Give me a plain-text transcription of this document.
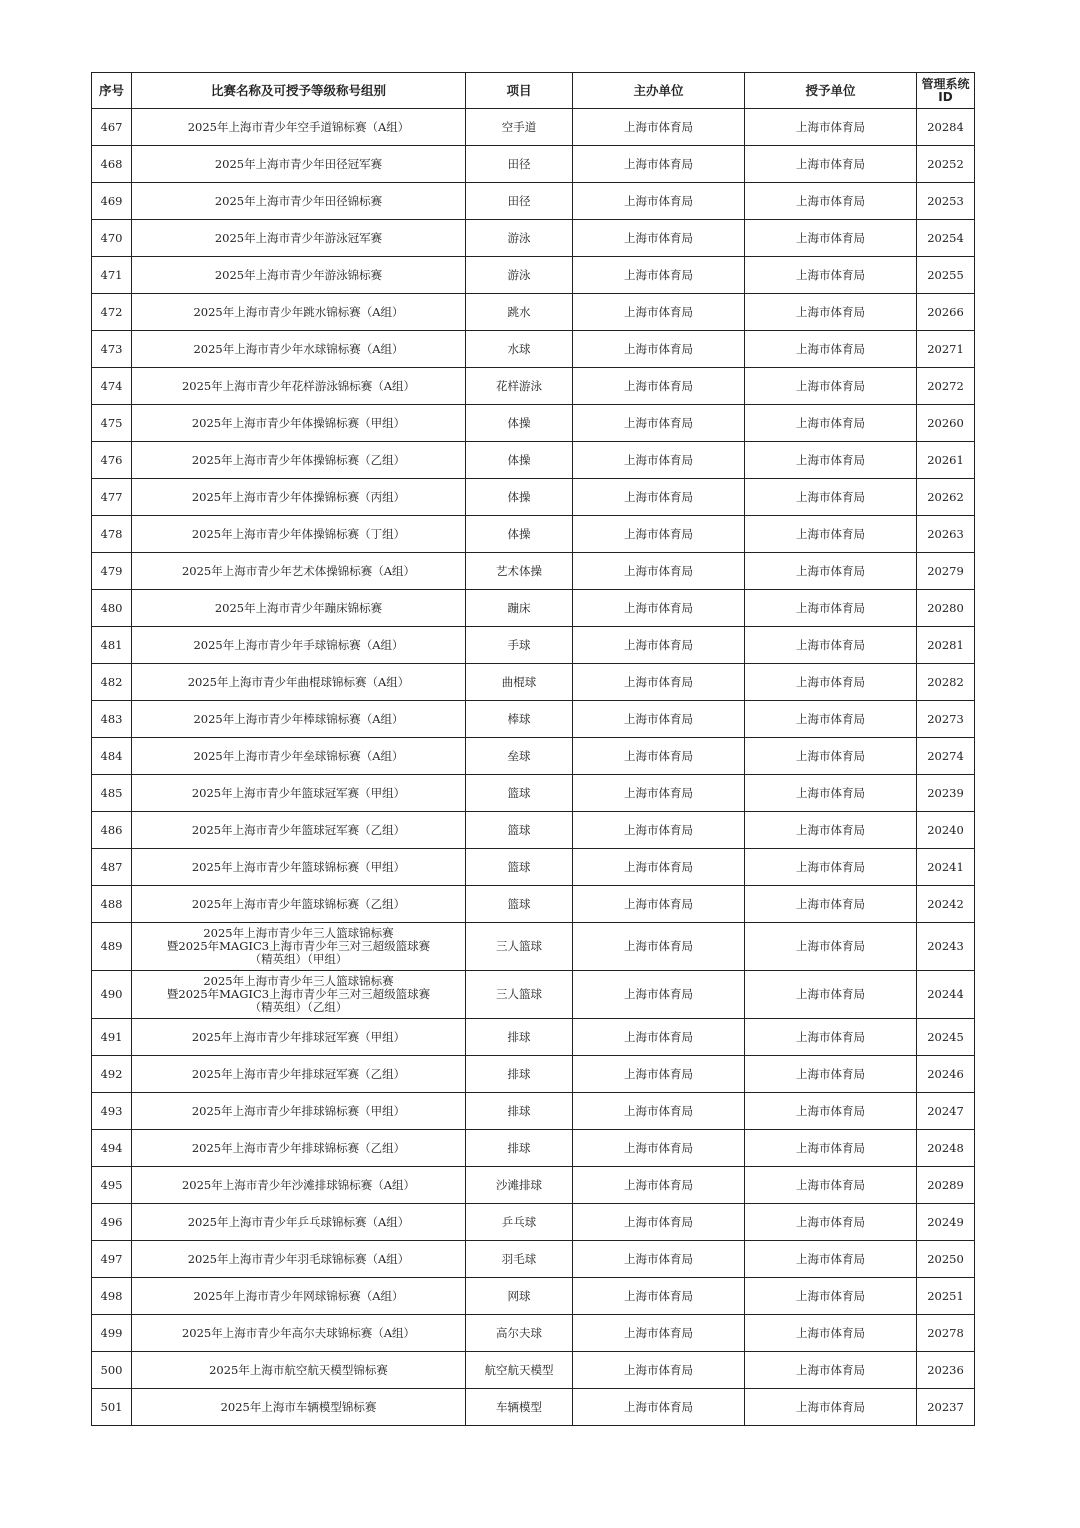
序号	比赛名称及可授予等级称号组别	项目	主办单位	授予单位	管理系统ID
467	2025年上海市青少年空手道锦标赛（A组）	空手道	上海市体育局	上海市体育局	20284
468	2025年上海市青少年田径冠军赛	田径	上海市体育局	上海市体育局	20252
469	2025年上海市青少年田径锦标赛	田径	上海市体育局	上海市体育局	20253
470	2025年上海市青少年游泳冠军赛	游泳	上海市体育局	上海市体育局	20254
471	2025年上海市青少年游泳锦标赛	游泳	上海市体育局	上海市体育局	20255
472	2025年上海市青少年跳水锦标赛（A组）	跳水	上海市体育局	上海市体育局	20266
473	2025年上海市青少年水球锦标赛（A组）	水球	上海市体育局	上海市体育局	20271
474	2025年上海市青少年花样游泳锦标赛（A组）	花样游泳	上海市体育局	上海市体育局	20272
475	2025年上海市青少年体操锦标赛（甲组）	体操	上海市体育局	上海市体育局	20260
476	2025年上海市青少年体操锦标赛（乙组）	体操	上海市体育局	上海市体育局	20261
477	2025年上海市青少年体操锦标赛（丙组）	体操	上海市体育局	上海市体育局	20262
478	2025年上海市青少年体操锦标赛（丁组）	体操	上海市体育局	上海市体育局	20263
479	2025年上海市青少年艺术体操锦标赛（A组）	艺术体操	上海市体育局	上海市体育局	20279
480	2025年上海市青少年蹦床锦标赛	蹦床	上海市体育局	上海市体育局	20280
481	2025年上海市青少年手球锦标赛（A组）	手球	上海市体育局	上海市体育局	20281
482	2025年上海市青少年曲棍球锦标赛（A组）	曲棍球	上海市体育局	上海市体育局	20282
483	2025年上海市青少年棒球锦标赛（A组）	棒球	上海市体育局	上海市体育局	20273
484	2025年上海市青少年垒球锦标赛（A组）	垒球	上海市体育局	上海市体育局	20274
485	2025年上海市青少年篮球冠军赛（甲组）	篮球	上海市体育局	上海市体育局	20239
486	2025年上海市青少年篮球冠军赛（乙组）	篮球	上海市体育局	上海市体育局	20240
487	2025年上海市青少年篮球锦标赛（甲组）	篮球	上海市体育局	上海市体育局	20241
488	2025年上海市青少年篮球锦标赛（乙组）	篮球	上海市体育局	上海市体育局	20242
489	2025年上海市青少年三人篮球锦标赛
暨2025年MAGIC3上海市青少年三对三超级篮球赛
（精英组）（甲组）	三人篮球	上海市体育局	上海市体育局	20243
490	2025年上海市青少年三人篮球锦标赛
暨2025年MAGIC3上海市青少年三对三超级篮球赛
（精英组）（乙组）	三人篮球	上海市体育局	上海市体育局	20244
491	2025年上海市青少年排球冠军赛（甲组）	排球	上海市体育局	上海市体育局	20245
492	2025年上海市青少年排球冠军赛（乙组）	排球	上海市体育局	上海市体育局	20246
493	2025年上海市青少年排球锦标赛（甲组）	排球	上海市体育局	上海市体育局	20247
494	2025年上海市青少年排球锦标赛（乙组）	排球	上海市体育局	上海市体育局	20248
495	2025年上海市青少年沙滩排球锦标赛（A组）	沙滩排球	上海市体育局	上海市体育局	20289
496	2025年上海市青少年乒乓球锦标赛（A组）	乒乓球	上海市体育局	上海市体育局	20249
497	2025年上海市青少年羽毛球锦标赛（A组）	羽毛球	上海市体育局	上海市体育局	20250
498	2025年上海市青少年网球锦标赛（A组）	网球	上海市体育局	上海市体育局	20251
499	2025年上海市青少年高尔夫球锦标赛（A组）	高尔夫球	上海市体育局	上海市体育局	20278
500	2025年上海市航空航天模型锦标赛	航空航天模型	上海市体育局	上海市体育局	20236
501	2025年上海市车辆模型锦标赛	车辆模型	上海市体育局	上海市体育局	20237
